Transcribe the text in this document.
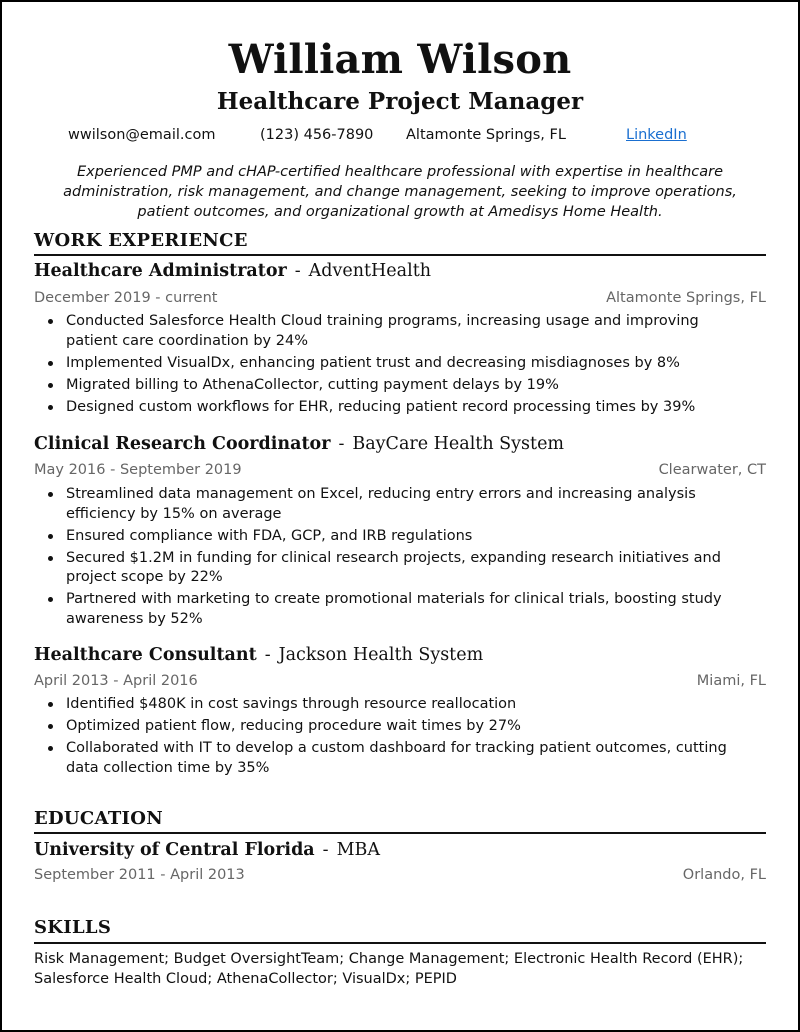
William Wilson
Healthcare Project Manager
wwilson@email.com	(123) 456-7890 Altamonte Springs, FL	LinkedIn
Experienced PMP and cHAP-certified healthcare professional with expertise in healthcare administration, risk management, and change management, seeking to improve operations, patient outcomes, and organizational growth at Amedisys Home Health.
WORK EXPERIENCE
Healthcare Administrator - AdventHealth
December 2019 - current	Altamonte Springs, FL
Conducted Salesforce Health Cloud training programs, increasing usage and improving patient care coordination by 24%
Implemented VisualDx, enhancing patient trust and decreasing misdiagnoses by 8%
Migrated billing to AthenaCollector, cutting payment delays by 19%
Designed custom workflows for EHR, reducing patient record processing times by 39%
Clinical Research Coordinator - BayCare Health System
May 2016 - September 2019	Clearwater, CT
Streamlined data management on Excel, reducing entry errors and increasing analysis efficiency by 15% on average
Ensured compliance with FDA, GCP, and IRB regulations
Secured $1.2M in funding for clinical research projects, expanding research initiatives and project scope by 22%
Partnered with marketing to create promotional materials for clinical trials, boosting study awareness by 52%
Healthcare Consultant - Jackson Health System
April 2013 - April 2016	Miami, FL
Identified $480K in cost savings through resource reallocation
Optimized patient flow, reducing procedure wait times by 27%
Collaborated with IT to develop a custom dashboard for tracking patient outcomes, cutting data collection time by 35%
EDUCATION
University of Central Florida - MBA
September 2011 - April 2013	Orlando, FL
SKILLS
Risk Management; Budget OversightTeam; Change Management; Electronic Health Record (EHR); Salesforce Health Cloud; AthenaCollector; VisualDx; PEPID
